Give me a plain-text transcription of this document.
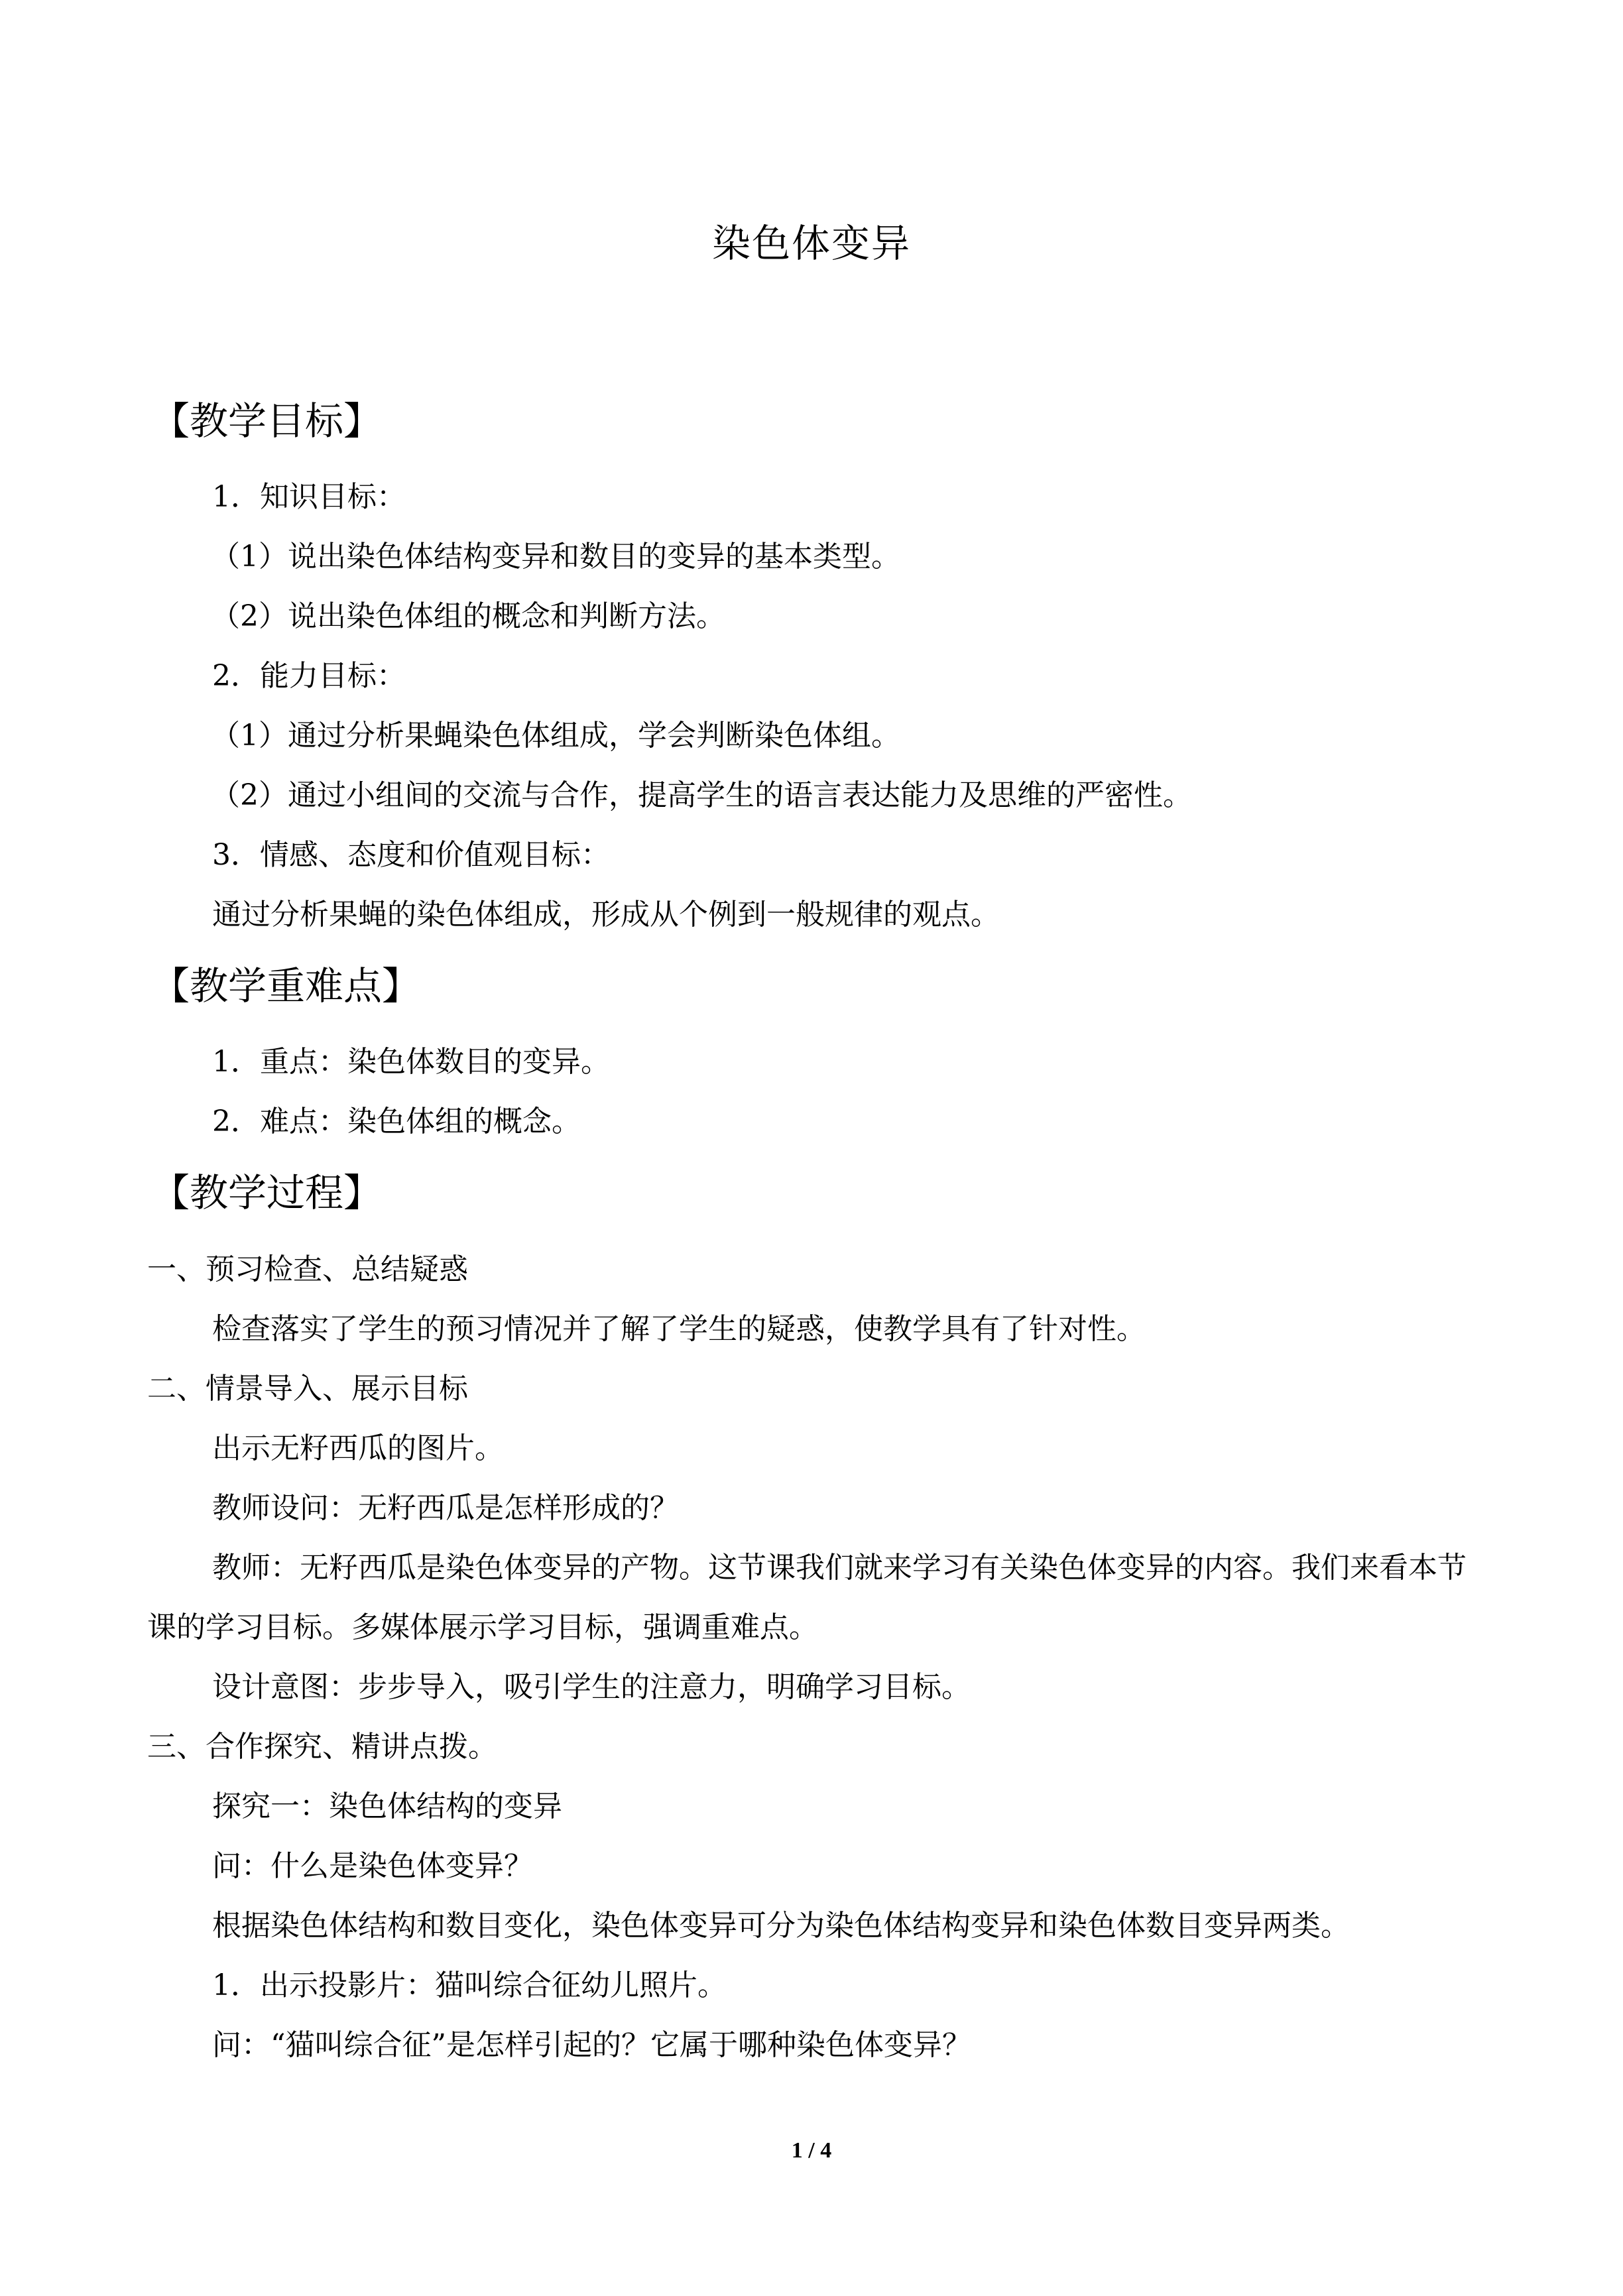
染色体变异
【教学目标】
1．知识目标：
（1）说出染色体结构变异和数目的变异的基本类型。
（2）说出染色体组的概念和判断方法。
2．能力目标：
（1）通过分析果蝇染色体组成，学会判断染色体组。
（2）通过小组间的交流与合作，提高学生的语言表达能力及思维的严密性。
3．情感、态度和价值观目标：
通过分析果蝇的染色体组成，形成从个例到一般规律的观点。
【教学重难点】
1．重点：染色体数目的变异。
2．难点：染色体组的概念。
【教学过程】
一、预习检查、总结疑惑
检查落实了学生的预习情况并了解了学生的疑惑，使教学具有了针对性。
二、情景导入、展示目标
出示无籽西瓜的图片。
教师设问：无籽西瓜是怎样形成的？
教师：无籽西瓜是染色体变异的产物。这节课我们就来学习有关染色体变异的内容。我们来看本节课的学习目标。多媒体展示学习目标，强调重难点。
设计意图：步步导入，吸引学生的注意力，明确学习目标。
三、合作探究、精讲点拨。
探究一：染色体结构的变异
问：什么是染色体变异？
根据染色体结构和数目变化，染色体变异可分为染色体结构变异和染色体数目变异两类。
1．出示投影片：猫叫综合征幼儿照片。
问：“猫叫综合征”是怎样引起的？它属于哪种染色体变异？
1 / 4
